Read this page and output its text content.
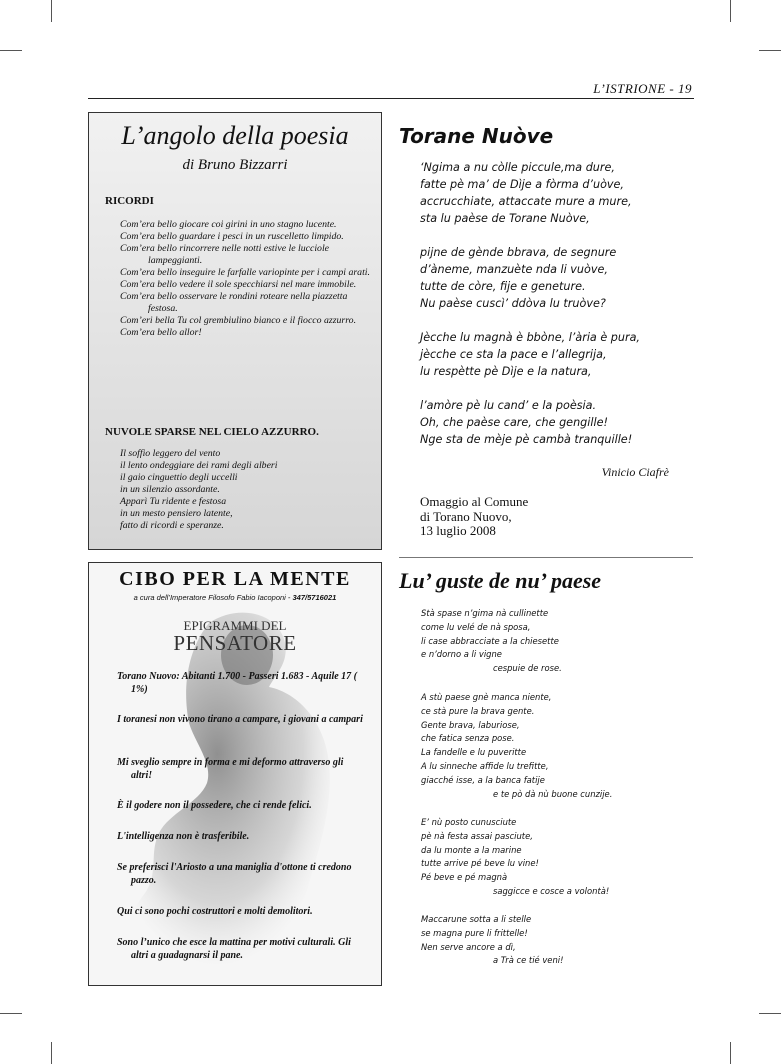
L’ISTRIONE - 19
L’angolo della poesia
di Bruno Bizzarri
RICORDI
Com’era bello giocare coi girini in uno stagno lucente.
Com’era bello guardare i pesci in un ruscelletto limpido.
Com’era bello rincorrere nelle notti estive le lucciole lampeggianti.
Com’era bello inseguire le farfalle variopinte per i campi arati.
Com’era bello vedere il sole specchiarsi nel mare immobile.
Com’era bello osservare le rondini roteare nella piazzetta festosa.
Com’eri bella Tu col grembiulino bianco e il fiocco azzurro.
Com’era bello allor!
NUVOLE SPARSE NEL CIELO AZZURRO.
Il soffio leggero del vento
il lento ondeggiare dei rami degli alberi
il gaio cinguettio degli uccelli
in un silenzio assordante.
Apparì Tu ridente e festosa
in un mesto pensiero latente,
fatto di ricordi e speranze.
CIBO PER LA MENTE
a cura dell’Imperatore Filosofo Fabio Iacoponi - 347/5716021
EPIGRAMMI DEL
PENSATORE
Torano Nuovo: Abitanti 1.700 - Passeri 1.683 - Aquile 17 ( 1%)
I toranesi non vivono tirano a campare, i giovani a campari
Mi sveglio sempre in forma e mi deformo attraverso gli altri!
È il godere non il possedere, che ci rende felici.
L'intelligenza non è trasferibile.
Se preferisci l'Ariosto a una maniglia d'ottone ti credono pazzo.
Qui ci sono pochi costruttori e molti demolitori.
Sono l’unico che esce la mattina per motivi culturali. Gli altri a guadagnarsi il pane.
Torane Nuòve
‘Ngima a nu còlle piccule,ma dure,
fatte pè ma’ de Dìje a fòrma d’uòve,
accrucchiate, attaccate mure a mure,
sta lu paèse de Torane Nuòve,
pijne de gènde bbrava, de segnure
d’àneme, manzuète nda li vuòve,
tutte de còre, fije e geneture.
Nu paèse cuscì’ ddòva lu truòve?
Jècche lu magnà è bbòne, l’ària è pura,
jècche ce sta la pace e l’allegrija,
lu respètte pè Dìje e la natura,
l’amòre pè lu cand’ e la poèsia.
Oh, che paèse care, che gengille!
Nge sta de mèje pè cambà tranquille!
Vinicio Ciafrè
Omaggio al Comune
di Torano Nuovo,
13 luglio 2008
Lu’ guste de nu’ paese
Stà spase n’gima nà cullinette
come lu velé de nà sposa,
li case abbracciate a la chiesette
e n’dorno a li vigne
cespuie de rose.
A stù paese gnè manca niente,
ce stà pure la brava gente.
Gente brava, laburiose,
che fatica senza pose.
La fandelle e lu puveritte
A lu sinneche affide lu trefitte,
giacché isse, a la banca fatije
e te pò dà nù buone cunzije.
E’ nù posto cunusciute
pè nà festa assai pasciute,
da lu monte a la marine
tutte arrive pé beve lu vine!
Pé beve e pé magnà
saggicce e cosce a volontà!
Maccarune sotta a li stelle
se magna pure li frittelle!
Nen serve ancore a dì,
a Trà ce tié veni!
